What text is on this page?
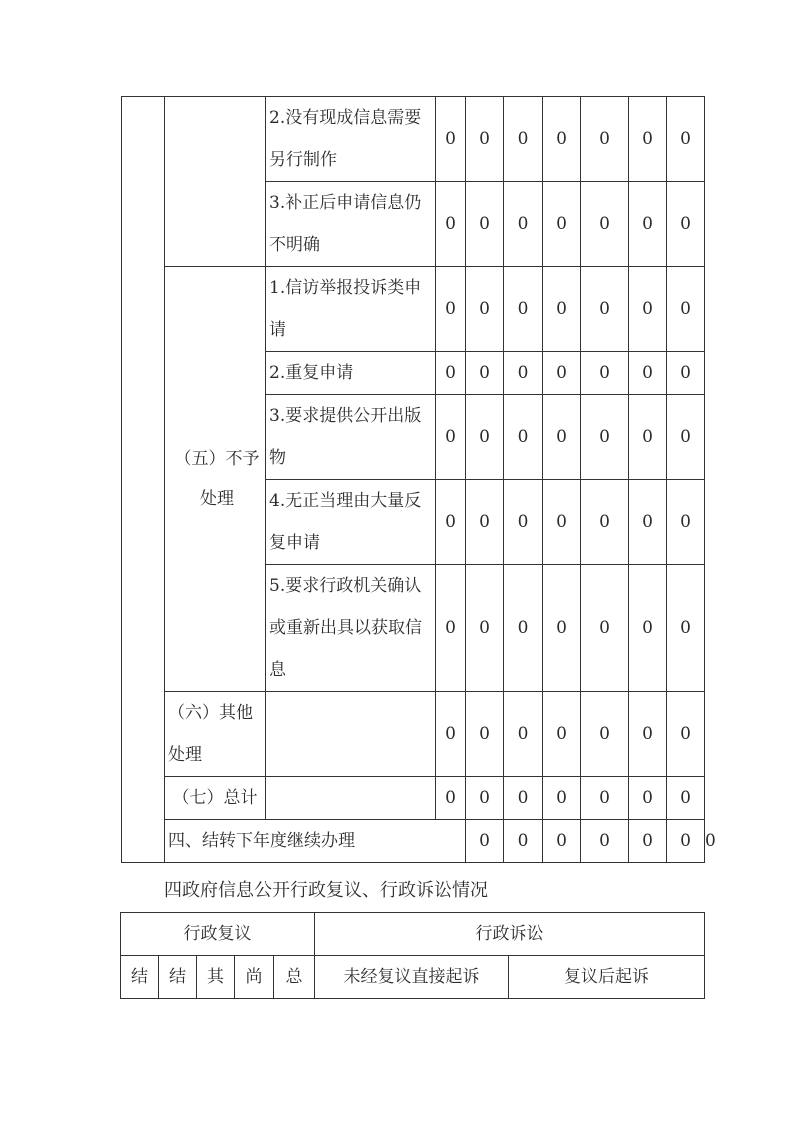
		2.没有现成信息需要另行制作	0	0	0	0	0	0	0	
		3.补正后申请信息仍不明确	0	0	0	0	0	0	0	
	（五）不予处理	1.信访举报投诉类申请	0	0	0	0	0	0	0	
		2.重复申请	0	0	0	0	0	0	0	
		3.要求提供公开出版物	0	0	0	0	0	0	0	
		4.无正当理由大量反复申请	0	0	0	0	0	0	0	
		5.要求行政机关确认或重新出具以获取信息	0	0	0	0	0	0	0	
	（六）其他处理		0	0	0	0	0	0	0	
	（七）总计		0	0	0	0	0	0	0	
	四、结转下年度继续办理			0	0	0	0	0	0	0
四政府信息公开行政复议、行政诉讼情况
行政复议					行政诉讼	
结	结	其	尚	总	未经复议直接起诉	复议后起诉
